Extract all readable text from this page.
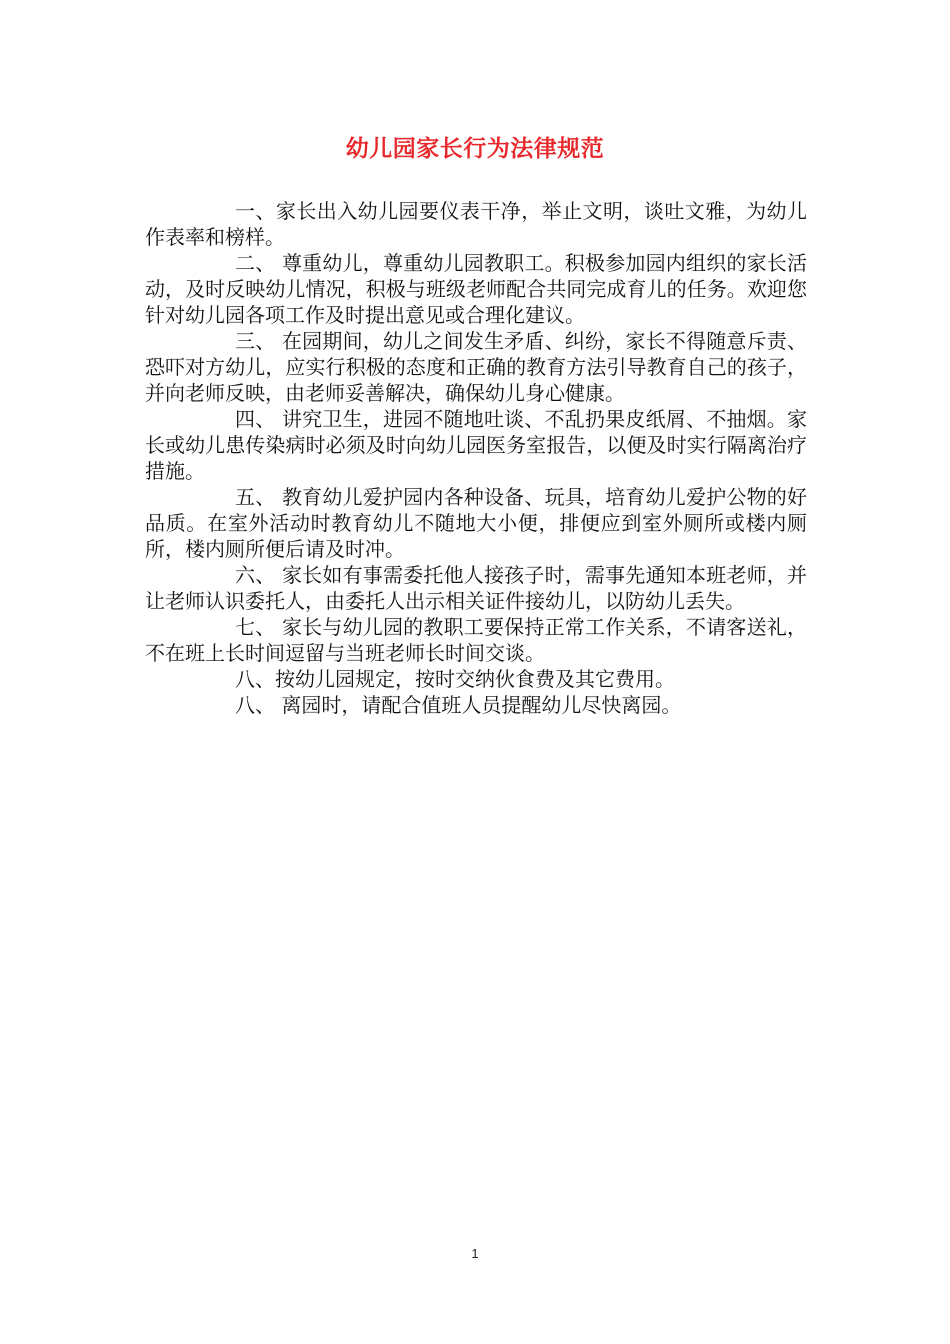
幼儿园家长行为法律规范

一、家长出入幼儿园要仪表干净，举止文明，谈吐文雅，为幼儿作表率和榜样。

二、 尊重幼儿，尊重幼儿园教职工。积极参加园内组织的家长活动，及时反映幼儿情况，积极与班级老师配合共同完成育儿的任务。欢迎您针对幼儿园各项工作及时提出意见或合理化建议。

三、 在园期间，幼儿之间发生矛盾、纠纷，家长不得随意斥责、恐吓对方幼儿，应实行积极的态度和正确的教育方法引导教育自己的孩子，并向老师反映，由老师妥善解决，确保幼儿身心健康。

四、 讲究卫生，进园不随地吐谈、不乱扔果皮纸屑、不抽烟。家长或幼儿患传染病时必须及时向幼儿园医务室报告，以便及时实行隔离治疗措施。

五、 教育幼儿爱护园内各种设备、玩具，培育幼儿爱护公物的好品质。在室外活动时教育幼儿不随地大小便，排便应到室外厕所或楼内厕所，楼内厕所便后请及时冲。

六、 家长如有事需委托他人接孩子时，需事先通知本班老师，并让老师认识委托人，由委托人出示相关证件接幼儿，以防幼儿丢失。

七、 家长与幼儿园的教职工要保持正常工作关系，不请客送礼，不在班上长时间逗留与当班老师长时间交谈。

八、按幼儿园规定，按时交纳伙食费及其它费用。

八、 离园时，请配合值班人员提醒幼儿尽快离园。

1
